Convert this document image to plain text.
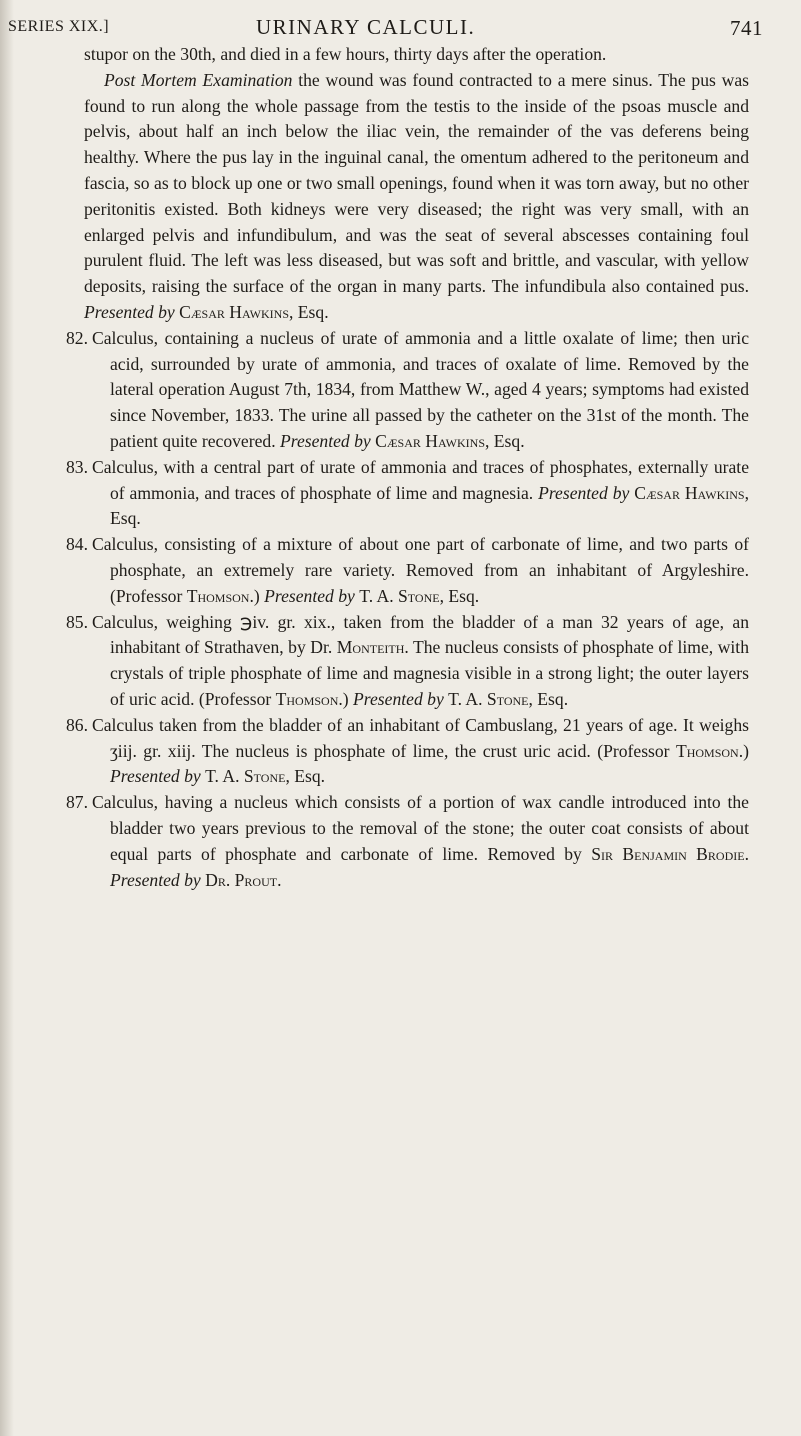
SERIES XIX.]	URINARY CALCULI.	741

stupor on the 30th, and died in a few hours, thirty days after the operation.

Post Mortem Examination the wound was found contracted to a mere sinus. The pus was found to run along the whole passage from the testis to the inside of the psoas muscle and pelvis, about half an inch below the iliac vein, the remainder of the vas deferens being healthy. Where the pus lay in the inguinal canal, the omentum adhered to the peritoneum and fascia, so as to block up one or two small openings, found when it was torn away, but no other peritonitis existed. Both kidneys were very diseased; the right was very small, with an enlarged pelvis and infundibulum, and was the seat of several abscesses containing foul purulent fluid. The left was less diseased, but was soft and brittle, and vascular, with yellow deposits, raising the surface of the organ in many parts. The infundibula also contained pus. Presented by Cæsar Hawkins, Esq.

82. Calculus, containing a nucleus of urate of ammonia and a little oxalate of lime; then uric acid, surrounded by urate of ammonia, and traces of oxalate of lime. Removed by the lateral operation August 7th, 1834, from Matthew W., aged 4 years; symptoms had existed since November, 1833. The urine all passed by the catheter on the 31st of the month. The patient quite recovered. Presented by Cæsar Hawkins, Esq.

83. Calculus, with a central part of urate of ammonia and traces of phosphates, externally urate of ammonia, and traces of phosphate of lime and magnesia. Presented by Cæsar Hawkins, Esq.

84. Calculus, consisting of a mixture of about one part of carbonate of lime, and two parts of phosphate, an extremely rare variety. Removed from an inhabitant of Argyleshire. (Professor Thomson.) Presented by T. A. Stone, Esq.

85. Calculus, weighing ℈iv. gr. xix., taken from the bladder of a man 32 years of age, an inhabitant of Strathaven, by Dr. Monteith. The nucleus consists of phosphate of lime, with crystals of triple phosphate of lime and magnesia visible in a strong light; the outer layers of uric acid. (Professor Thomson.) Presented by T. A. Stone, Esq.

86. Calculus taken from the bladder of an inhabitant of Cambuslang, 21 years of age. It weighs ʒiij. gr. xiij. The nucleus is phosphate of lime, the crust uric acid. (Professor Thomson.) Presented by T. A. Stone, Esq.

87. Calculus, having a nucleus which consists of a portion of wax candle introduced into the bladder two years previous to the removal of the stone; the outer coat consists of about equal parts of phosphate and carbonate of lime. Removed by Sir Benjamin Brodie. Presented by Dr. Prout.
